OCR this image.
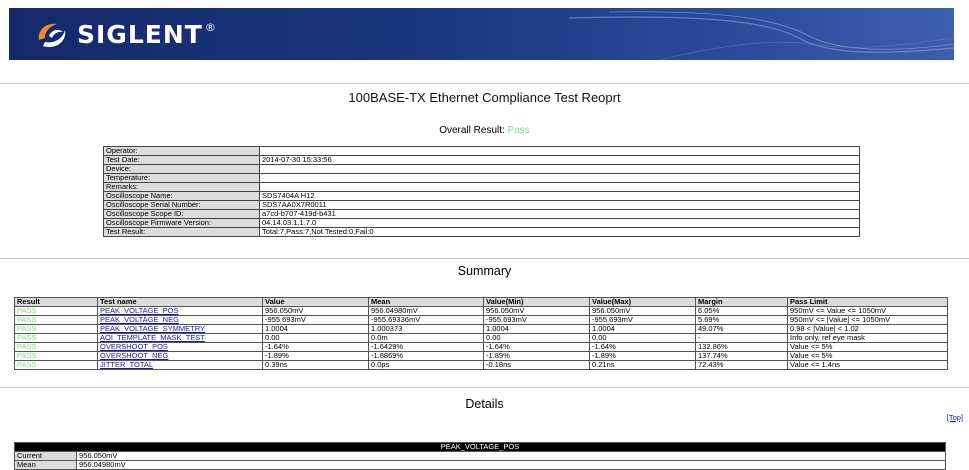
SIGLENT ®
100BASE-TX Ethernet Compliance Test Reoprt
Overall Result: Pass
Operator:	
Test Date:	2014-07-30 15:33:56
Device:	
Temperature:	
Remarks:	
Oscilloscope Name:	SDS7404A H12
Oscilloscope Serial Number:	SDS7AA0X7R0011
Oscilloscope Scope ID:	a7cd-b707-419d-b431
Oscilloscope Firmware Version:	04.14.03.1.1.7.0
Test Result:	Total:7,Pass:7,Not Tested:0,Fail:0
Summary
Result	Test name	Value	Mean	Value(Min)	Value(Max)	Margin	Pass Limit
PASS	PEAK_VOLTAGE_POS	956.050mV	956.04980mV	956.050mV	956.050mV	6.05%	950mV <= Value <= 1050mV
PASS	PEAK_VOLTAGE_NEG	-955.693mV	-955.69336mV	-955.693mV	-955.693mV	5.69%	950mV <= |Value| <= 1050mV
PASS	PEAK_VOLTAGE_SYMMETRY	1.0004	1.000373	1.0004	1.0004	49.07%	0.98 < |Value| < 1.02
PASS	AOI_TEMPLATE_MASK_TEST	0.00	0.0m	0.00	0.00	-	Info only, ref eye mask
PASS	OVERSHOOT_POS	-1.64%	-1.6429%	-1.64%	-1.64%	132.86%	Value <= 5%
PASS	OVERSHOOT_NEG	-1.89%	-1.8869%	-1.89%	-1.89%	137.74%	Value <= 5%
PASS	JITTER_TOTAL	0.39ns	0.0ps	-0.18ns	0.21ns	72.43%	Value <= 1.4ns
Details
[Top]
PEAK_VOLTAGE_POS	
Current	956.050mV
Mean	956.04980mV
